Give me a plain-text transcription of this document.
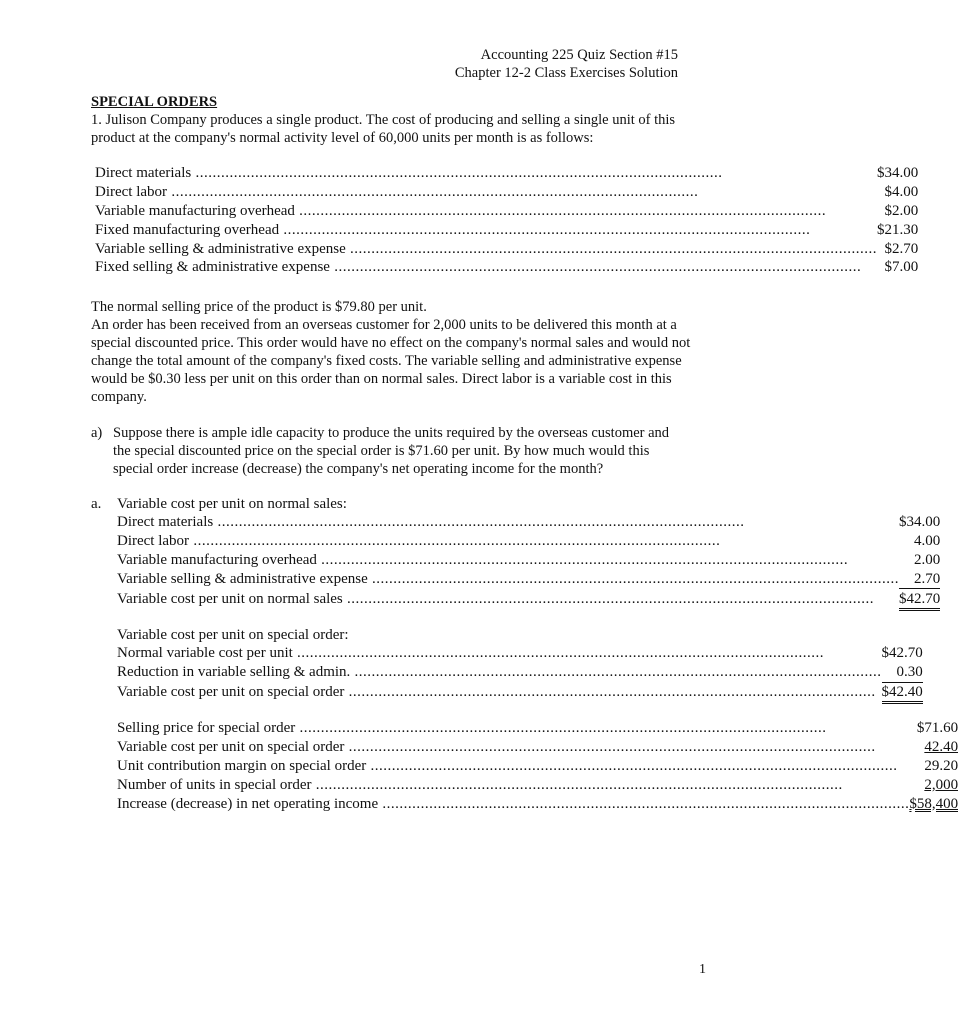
Accounting 225 Quiz Section #15
Chapter 12-2 Class Exercises Solution
SPECIAL ORDERS
1. Julison Company produces a single product. The cost of producing and selling a single unit of this product at the company's normal activity level of 60,000 units per month is as follows:
Direct materials .....	$34.00
Direct labor .....	$4.00
Variable manufacturing overhead .....	$2.00
Fixed manufacturing overhead .....	$21.30
Variable selling & administrative expense .....	$2.70
Fixed selling & administrative expense .....	$7.00
The normal selling price of the product is $79.80 per unit.
An order has been received from an overseas customer for 2,000 units to be delivered this month at a special discounted price. This order would have no effect on the company's normal sales and would not change the total amount of the company's fixed costs. The variable selling and administrative expense would be $0.30 less per unit on this order than on normal sales. Direct labor is a variable cost in this company.
a) Suppose there is ample idle capacity to produce the units required by the overseas customer and the special discounted price on the special order is $71.60 per unit. By how much would this special order increase (decrease) the company's net operating income for the month?
a. Variable cost per unit on normal sales:	
Direct materials .....		$34.00
Direct labor .....		4.00
Variable manufacturing overhead .....		2.00
Variable selling & administrative expense .....		2.70
Variable cost per unit on normal sales .....		$42.70
Variable cost per unit on special order:	
Normal variable cost per unit .....		$42.70
Reduction in variable selling & admin. .....		0.30
Variable cost per unit on special order .....		$42.40
Selling price for special order .....		$71.60
Variable cost per unit on special order .....		42.40
Unit contribution margin on special order .....		29.20
Number of units in special order .....		2,000
Increase (decrease) in net operating income .....		$58,400
1
